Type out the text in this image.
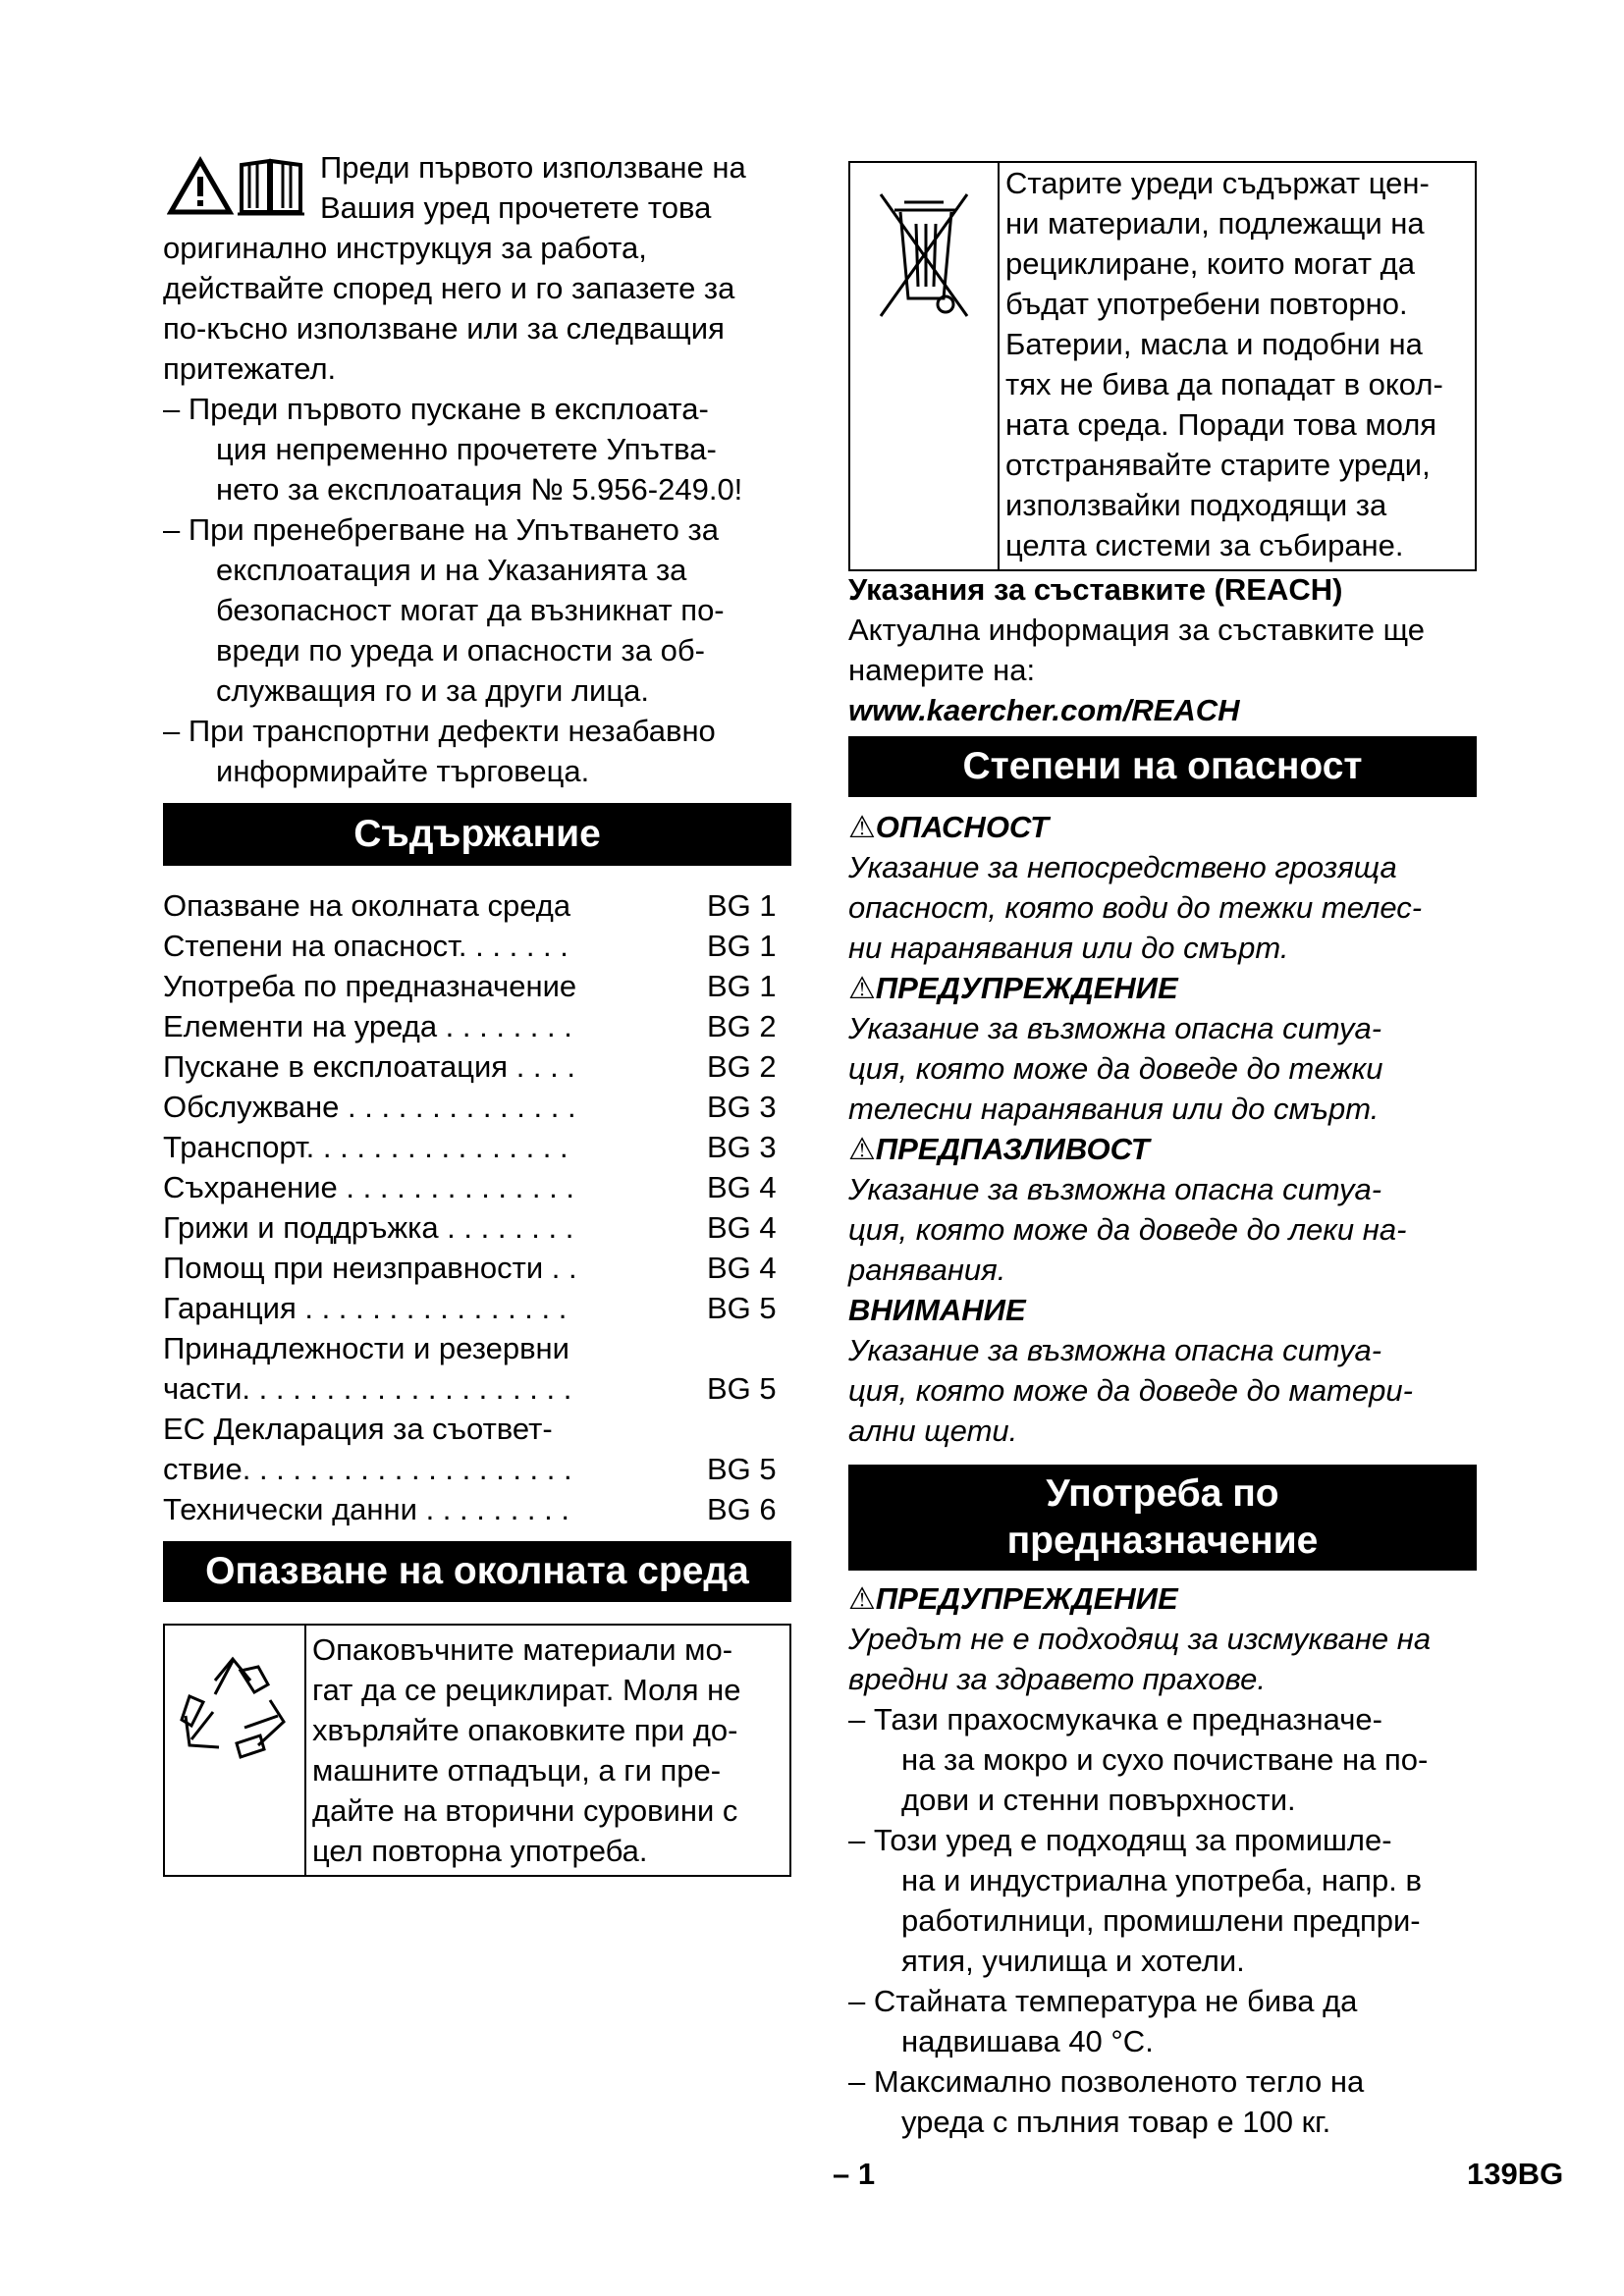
Преди първото използване на

Вашия уред прочетете това

оригинално инструкцуя за работа,

действайте според него и го запазете за

по-късно използване или за следващия

притежател.

– Преди първото пускане в експлоата-

ция непременно прочетете Упътва-

нето за експлоатация № 5.956-249.0!

– При пренебрегване на Упътването за

експлоатация и на Указанията за

безопасност могат да възникнат по-

вреди по уреда и опасности за об-

служващия го и за други лица.

– При транспортни дефекти незабавно

информирайте търговеца.

Съдържание
Опазване на околната среда	BG 1
Степени на опасност. . . . . . .	BG 1
Употреба по предназначение	BG 1
Елементи на уреда . . . . . . . .	BG 2
Пускане в експлоатация . . . .	BG 2
Обслужване . . . . . . . . . . . . . .	BG 3
Транспорт. . . . . . . . . . . . . . . .	BG 3
Съхранение . . . . . . . . . . . . . .	BG 4
Грижи и поддръжка . . . . . . . .	BG 4
Помощ при неизправности . .	BG 4
Гаранция . . . . . . . . . . . . . . . .	BG 5
Принадлежности и резервни
части. . . . . . . . . . . . . . . . . . . .	BG 5
ЕС Декларация за съответ-
ствие. . . . . . . . . . . . . . . . . . . .	BG 5
Технически данни . . . . . . . . .	BG 6
Опазване на околната среда

Опаковъчните материали мо-

гат да се рециклират. Моля не

хвърляйте опаковките при до-

машните отпадъци, а ги пре-

дайте на вторични суровини с

цел повторна употреба.

Старите уреди съдържат цен-

ни материали, подлежащи на

рециклиране, които могат да

бъдат употребени повторно.

Батерии, масла и подобни на

тях не бива да попадат в окол-

ната среда. Поради това моля

отстранявайте старите уреди,

използвайки подходящи за

целта системи за събиране.

Указания за съставките (REACH)

Актуална информация за съставките ще

намерите на:

www.kaercher.com/REACH

Степени на опасност

⚠ОПАСНОСТ

Указание за непосредствено грозяща

опасност, която води до тежки телес-

ни наранявания или до смърт.

⚠ПРЕДУПРЕЖДЕНИЕ

Указание за възможна опасна ситуа-

ция, която може да доведе до тежки

телесни наранявания или до смърт.

⚠ПРЕДПАЗЛИВОСТ

Указание за възможна опасна ситуа-

ция, която може да доведе до леки на-

ранявания.

ВНИМАНИЕ

Указание за възможна опасна ситуа-

ция, която може да доведе до матери-

ални щети.

Употреба по
предназначение

⚠ПРЕДУПРЕЖДЕНИЕ

Уредът не е подходящ за изсмукване на

вредни за здравето прахове.

– Тази прахосмукачка е предназначе-

на за мокро и сухо почистване на по-

дови и стенни повърхности.

– Този уред е подходящ за промишле-

на и индустриална употреба, напр. в

работилници, промишлени предпри-

ятия, училища и хотели.

– Стайната температура не бива да

надвишава 40 °C.

– Максимално позволеното тегло на

уреда с пълния товар е 100 кг.

– 1	139BG
